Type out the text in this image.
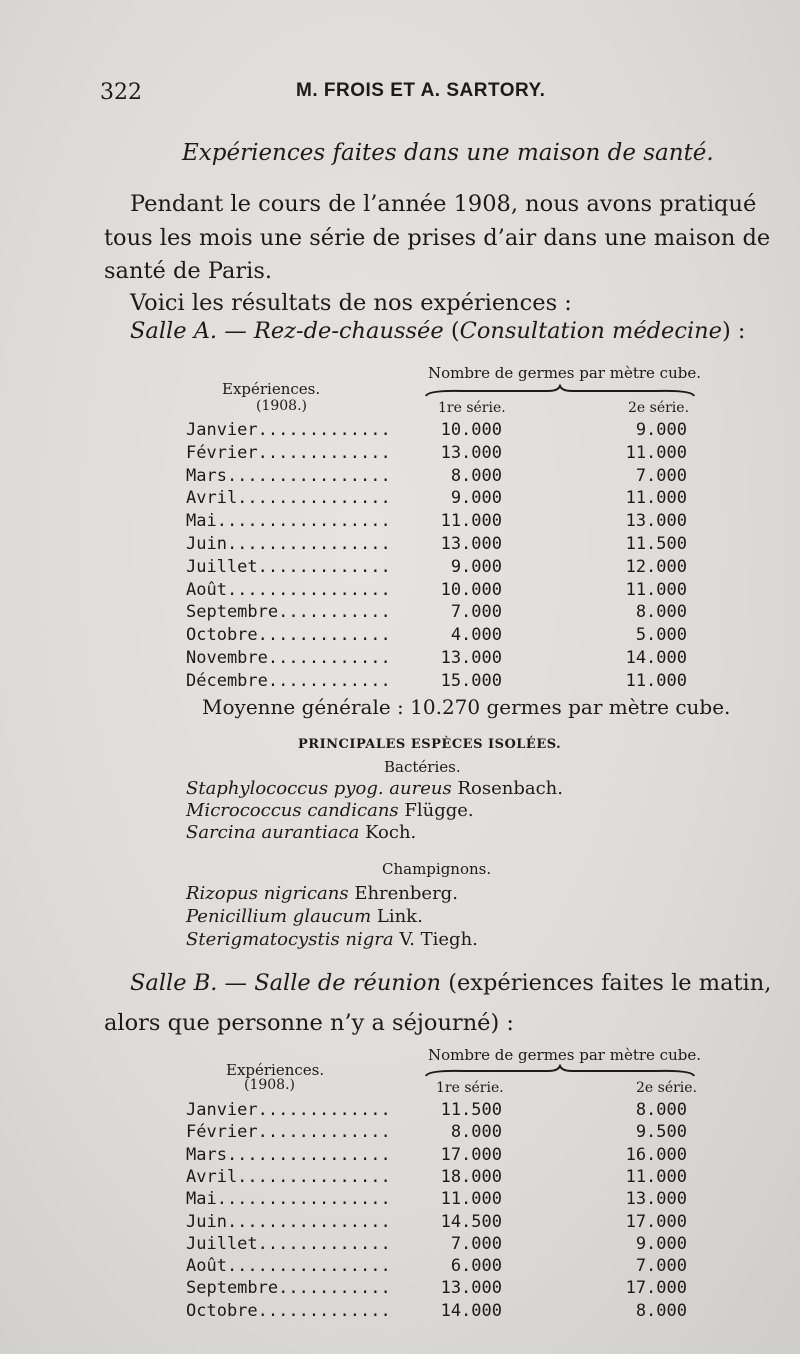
322	M. FROIS ET A. SARTORY.
Expériences faites dans une maison de santé.
Pendant le cours de l’année 1908, nous avons pratiqué
tous les mois une série de prises d’air dans une maison de
santé de Paris.
Voici les résultats de nos expériences :
Salle A. — Rez-de-chaussée (Consultation médecine) :
Nombre de germes par mètre cube.
Expériences.
(1908.)	1re série.	2e série.
Janvier.............	10.000	9.000
Février.............	13.000	11.000
Mars................	8.000	7.000
Avril...............	9.000	11.000
Mai.................	11.000	13.000
Juin................	13.000	11.500
Juillet.............	9.000	12.000
Août................	10.000	11.000
Septembre...........	7.000	8.000
Octobre.............	4.000	5.000
Novembre............	13.000	14.000
Décembre............	15.000	11.000
Moyenne générale : 10.270 germes par mètre cube.
PRINCIPALES ESPÈCES ISOLÉES.
Bactéries.
Staphylococcus pyog. aureus Rosenbach.
Micrococcus candicans Flügge.
Sarcina aurantiaca Koch.
Champignons.
Rizopus nigricans Ehrenberg.
Penicillium glaucum Link.
Sterigmatocystis nigra V. Tiegh.
Salle B. — Salle de réunion (expériences faites le matin,
alors que personne n’y a séjourné) :
Nombre de germes par mètre cube.
Expériences.
(1908.)	1re série.	2e série.
Janvier.............	11.500	8.000
Février.............	8.000	9.500
Mars................	17.000	16.000
Avril...............	18.000	11.000
Mai.................	11.000	13.000
Juin................	14.500	17.000
Juillet.............	7.000	9.000
Août................	6.000	7.000
Septembre...........	13.000	17.000
Octobre.............	14.000	8.000
